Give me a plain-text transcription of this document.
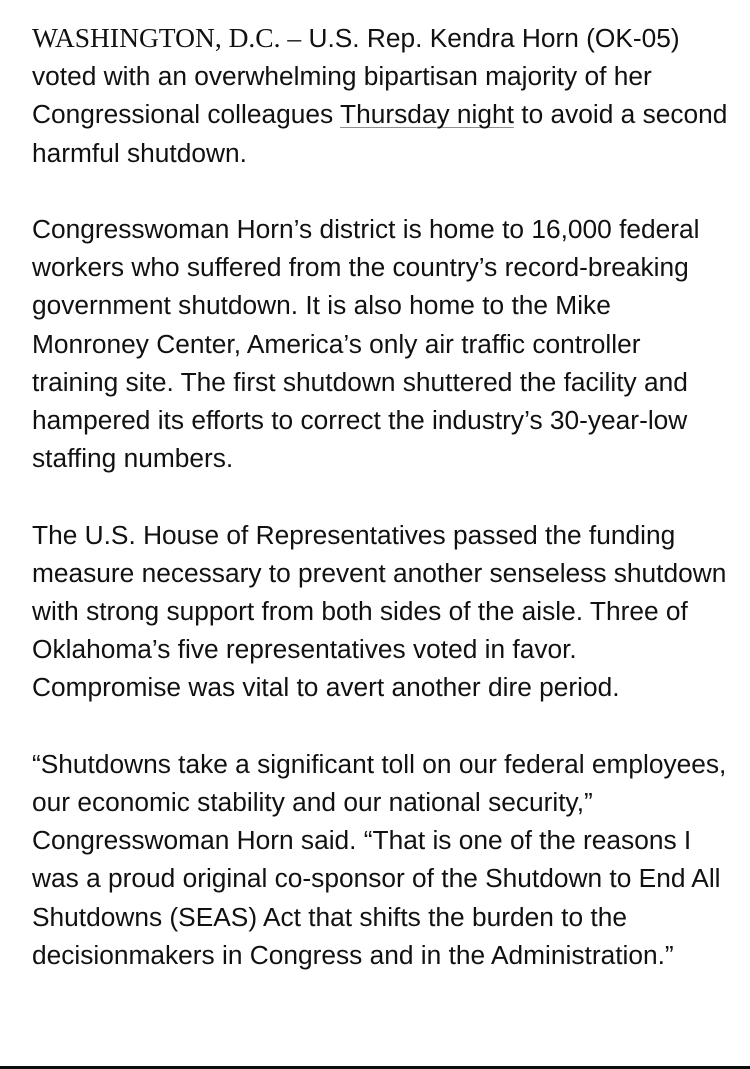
WASHINGTON, D.C. – U.S. Rep. Kendra Horn (OK-05) voted with an overwhelming bipartisan majority of her Congressional colleagues Thursday night to avoid a second harmful shutdown.

Congresswoman Horn’s district is home to 16,000 federal workers who suffered from the country’s record-breaking government shutdown. It is also home to the Mike Monroney Center, America’s only air traffic controller training site. The first shutdown shuttered the facility and hampered its efforts to correct the industry’s 30-year-low staffing numbers.

The U.S. House of Representatives passed the funding measure necessary to prevent another senseless shutdown with strong support from both sides of the aisle. Three of Oklahoma’s five representatives voted in favor. Compromise was vital to avert another dire period.

“Shutdowns take a significant toll on our federal employees, our economic stability and our national security,” Congresswoman Horn said. “That is one of the reasons I was a proud original co-sponsor of the Shutdown to End All Shutdowns (SEAS) Act that shifts the burden to the decisionmakers in Congress and in the Administration.”
